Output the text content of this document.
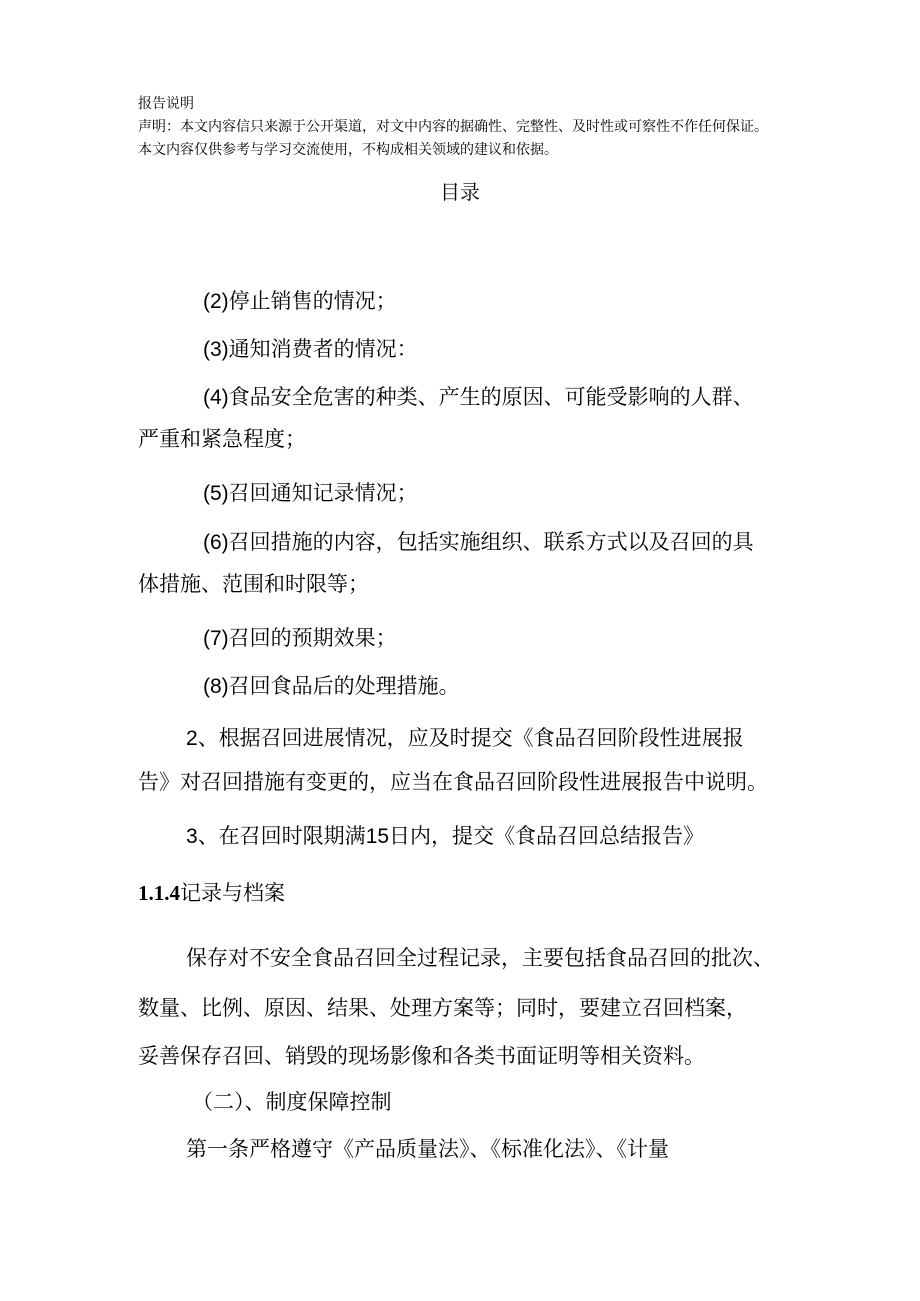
报告说明
声明：本文内容信只来源于公开渠道，对文中内容的据确性、完整性、及时性或可察性不作任何保证。
本文内容仅供参考与学习交流使用，不构成相关领域的建议和依据。
目录
(2)停止销售的情况；
(3)通知消费者的情况：
(4)食品安全危害的种类、产生的原因、可能受影响的人群、
严重和紧急程度；
(5)召回通知记录情况；
(6)召回措施的内容，包括实施组织、联系方式以及召回的具
体措施、范围和时限等；
(7)召回的预期效果；
(8)召回食品后的处理措施。
2、根据召回进展情况，应及时提交《食品召回阶段性进展报
告》对召回措施有变更的，应当在食品召回阶段性进展报告中说明。
3、在召回时限期满15日内，提交《食品召回总结报告》
1.1.4记录与档案
保存对不安全食品召回全过程记录，主要包括食品召回的批次、
数量、比例、原因、结果、处理方案等；同时，要建立召回档案，
妥善保存召回、销毁的现场影像和各类书面证明等相关资料。
（二）、制度保障控制
第一条严格遵守《产品质量法》、《标准化法》、《计量
